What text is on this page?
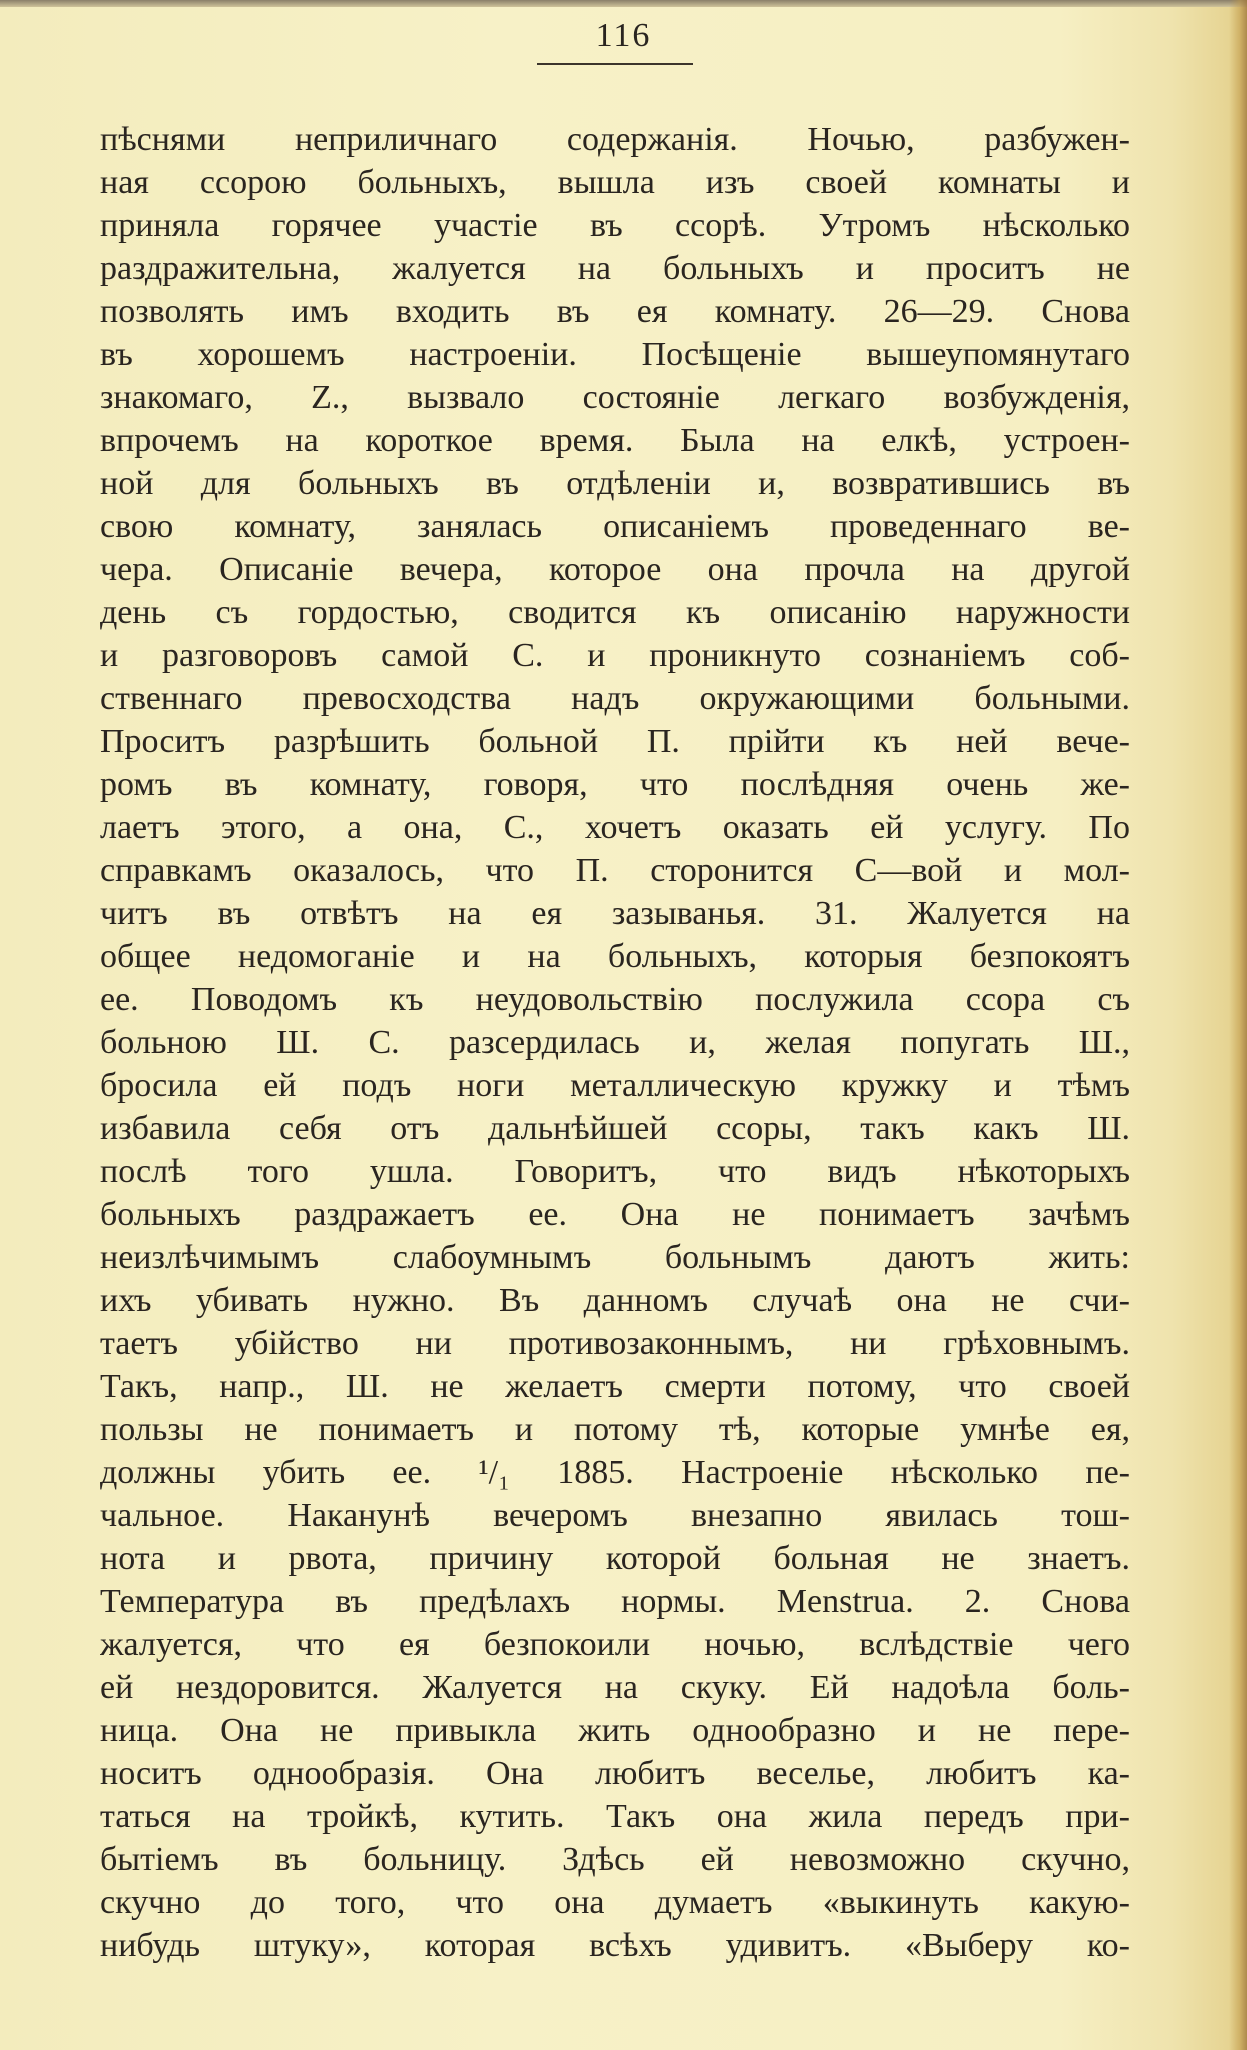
116
пѣснями неприличнаго содержанія. Ночью, разбужен-
ная ссорою больныхъ, вышла изъ своей комнаты и
приняла горячее участіе въ ссорѣ. Утромъ нѣсколько
раздражительна, жалуется на больныхъ и проситъ не
позволять имъ входить въ ея комнату. 26—29. Снова
въ хорошемъ настроеніи. Посѣщеніе вышеупомянутаго
знакомаго, Z., вызвало состояніе легкаго возбужденія,
впрочемъ на короткое время. Была на елкѣ, устроен-
ной для больныхъ въ отдѣленіи и, возвратившись въ
свою комнату, занялась описаніемъ проведеннаго ве-
чера. Описаніе вечера, которое она прочла на другой
день съ гордостью, сводится къ описанію наружности
и разговоровъ самой С. и проникнуто сознаніемъ соб-
ственнаго превосходства надъ окружающими больными.
Проситъ разрѣшить больной П. прійти къ ней вече-
ромъ въ комнату, говоря, что послѣдняя очень же-
лаетъ этого, а она, С., хочетъ оказать ей услугу. По
справкамъ оказалось, что П. сторонится С—вой и мол-
читъ въ отвѣтъ на ея зазыванья. 31. Жалуется на
общее недомоганіе и на больныхъ, которыя безпокоятъ
ее. Поводомъ къ неудовольствію послужила ссора съ
больною Ш. С. разсердилась и, желая попугать Ш.,
бросила ей подъ ноги металлическую кружку и тѣмъ
избавила себя отъ дальнѣйшей ссоры, такъ какъ Ш.
послѣ того ушла. Говоритъ, что видъ нѣкоторыхъ
больныхъ раздражаетъ ее. Она не понимаетъ зачѣмъ
неизлѣчимымъ слабоумнымъ больнымъ даютъ жить:
ихъ убивать нужно. Въ данномъ случаѣ она не счи-
таетъ убійство ни противозаконнымъ, ни грѣховнымъ.
Такъ, напр., Ш. не желаетъ смерти потому, что своей
пользы не понимаетъ и потому тѣ, которые умнѣе ея,
должны убить ее. ¹/₁ 1885. Настроеніе нѣсколько пе-
чальное. Наканунѣ вечеромъ внезапно явилась тош-
нота и рвота, причину которой больная не знаетъ.
Температура въ предѣлахъ нормы. Menstrua. 2. Снова
жалуется, что ея безпокоили ночью, вслѣдствіе чего
ей нездоровится. Жалуется на скуку. Ей надоѣла боль-
ница. Она не привыкла жить однообразно и не пере-
носитъ однообразія. Она любитъ веселье, любитъ ка-
таться на тройкѣ, кутить. Такъ она жила передъ при-
бытіемъ въ больницу. Здѣсь ей невозможно скучно,
скучно до того, что она думаетъ «выкинуть какую-
нибудь штуку», которая всѣхъ удивитъ. «Выберу ко-
